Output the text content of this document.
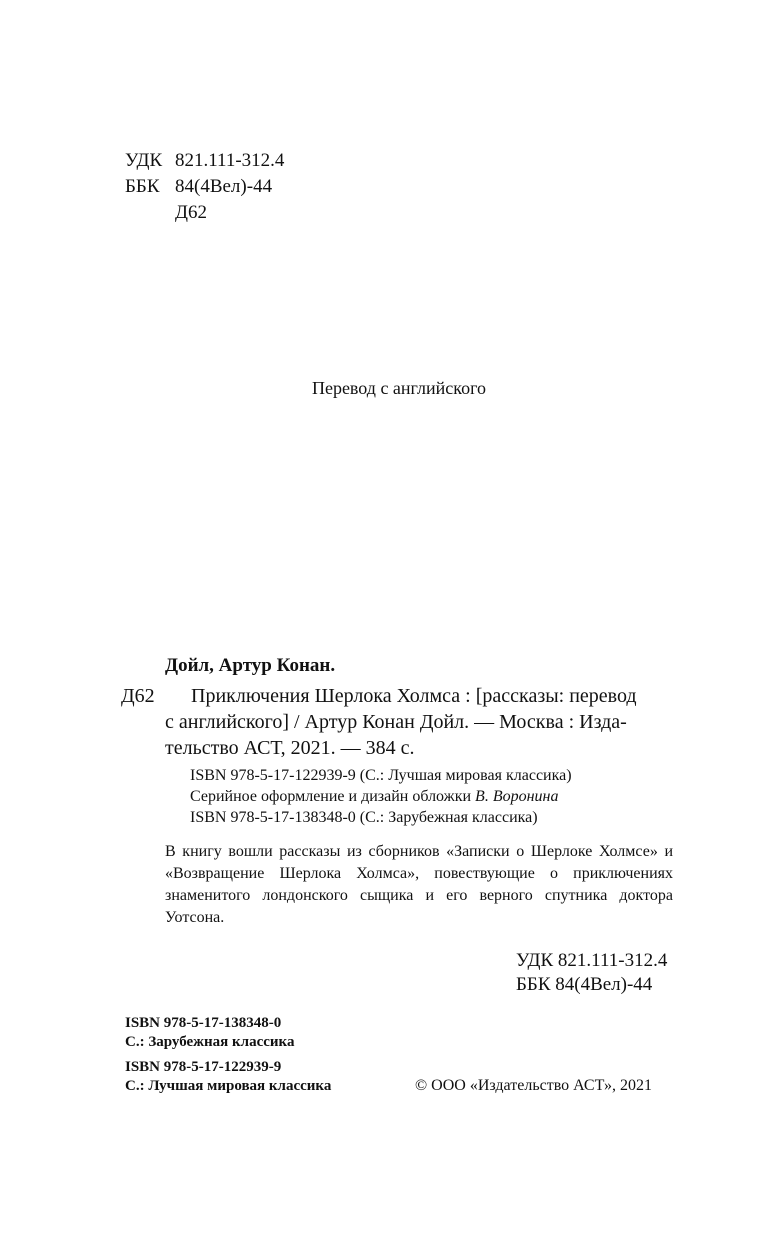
УДК 821.111-312.4
ББК 84(4Вел)-44
Д62
Перевод с английского
Дойл, Артур Конан.
Д62 Приключения Шерлока Холмса : [рассказы: перевод
с английского] / Артур Конан Дойл. — Москва : Изда-
тельство АСТ, 2021. — 384 с.
ISBN 978-5-17-122939-9 (С.: Лучшая мировая классика)
Серийное оформление и дизайн обложки В. Воронина
ISBN 978-5-17-138348-0 (С.: Зарубежная классика)
В книгу вошли рассказы из сборников «Записки о Шерлоке Холмсе» и «Возвращение Шерлока Холмса», повествующие о приключениях знаменитого лондонского сыщика и его верного спутника доктора Уотсона.
УДК 821.111-312.4
ББК 84(4Вел)-44
ISBN 978-5-17-138348-0
С.: Зарубежная классика
ISBN 978-5-17-122939-9
С.: Лучшая мировая классика	© ООО «Издательство АСТ», 2021
